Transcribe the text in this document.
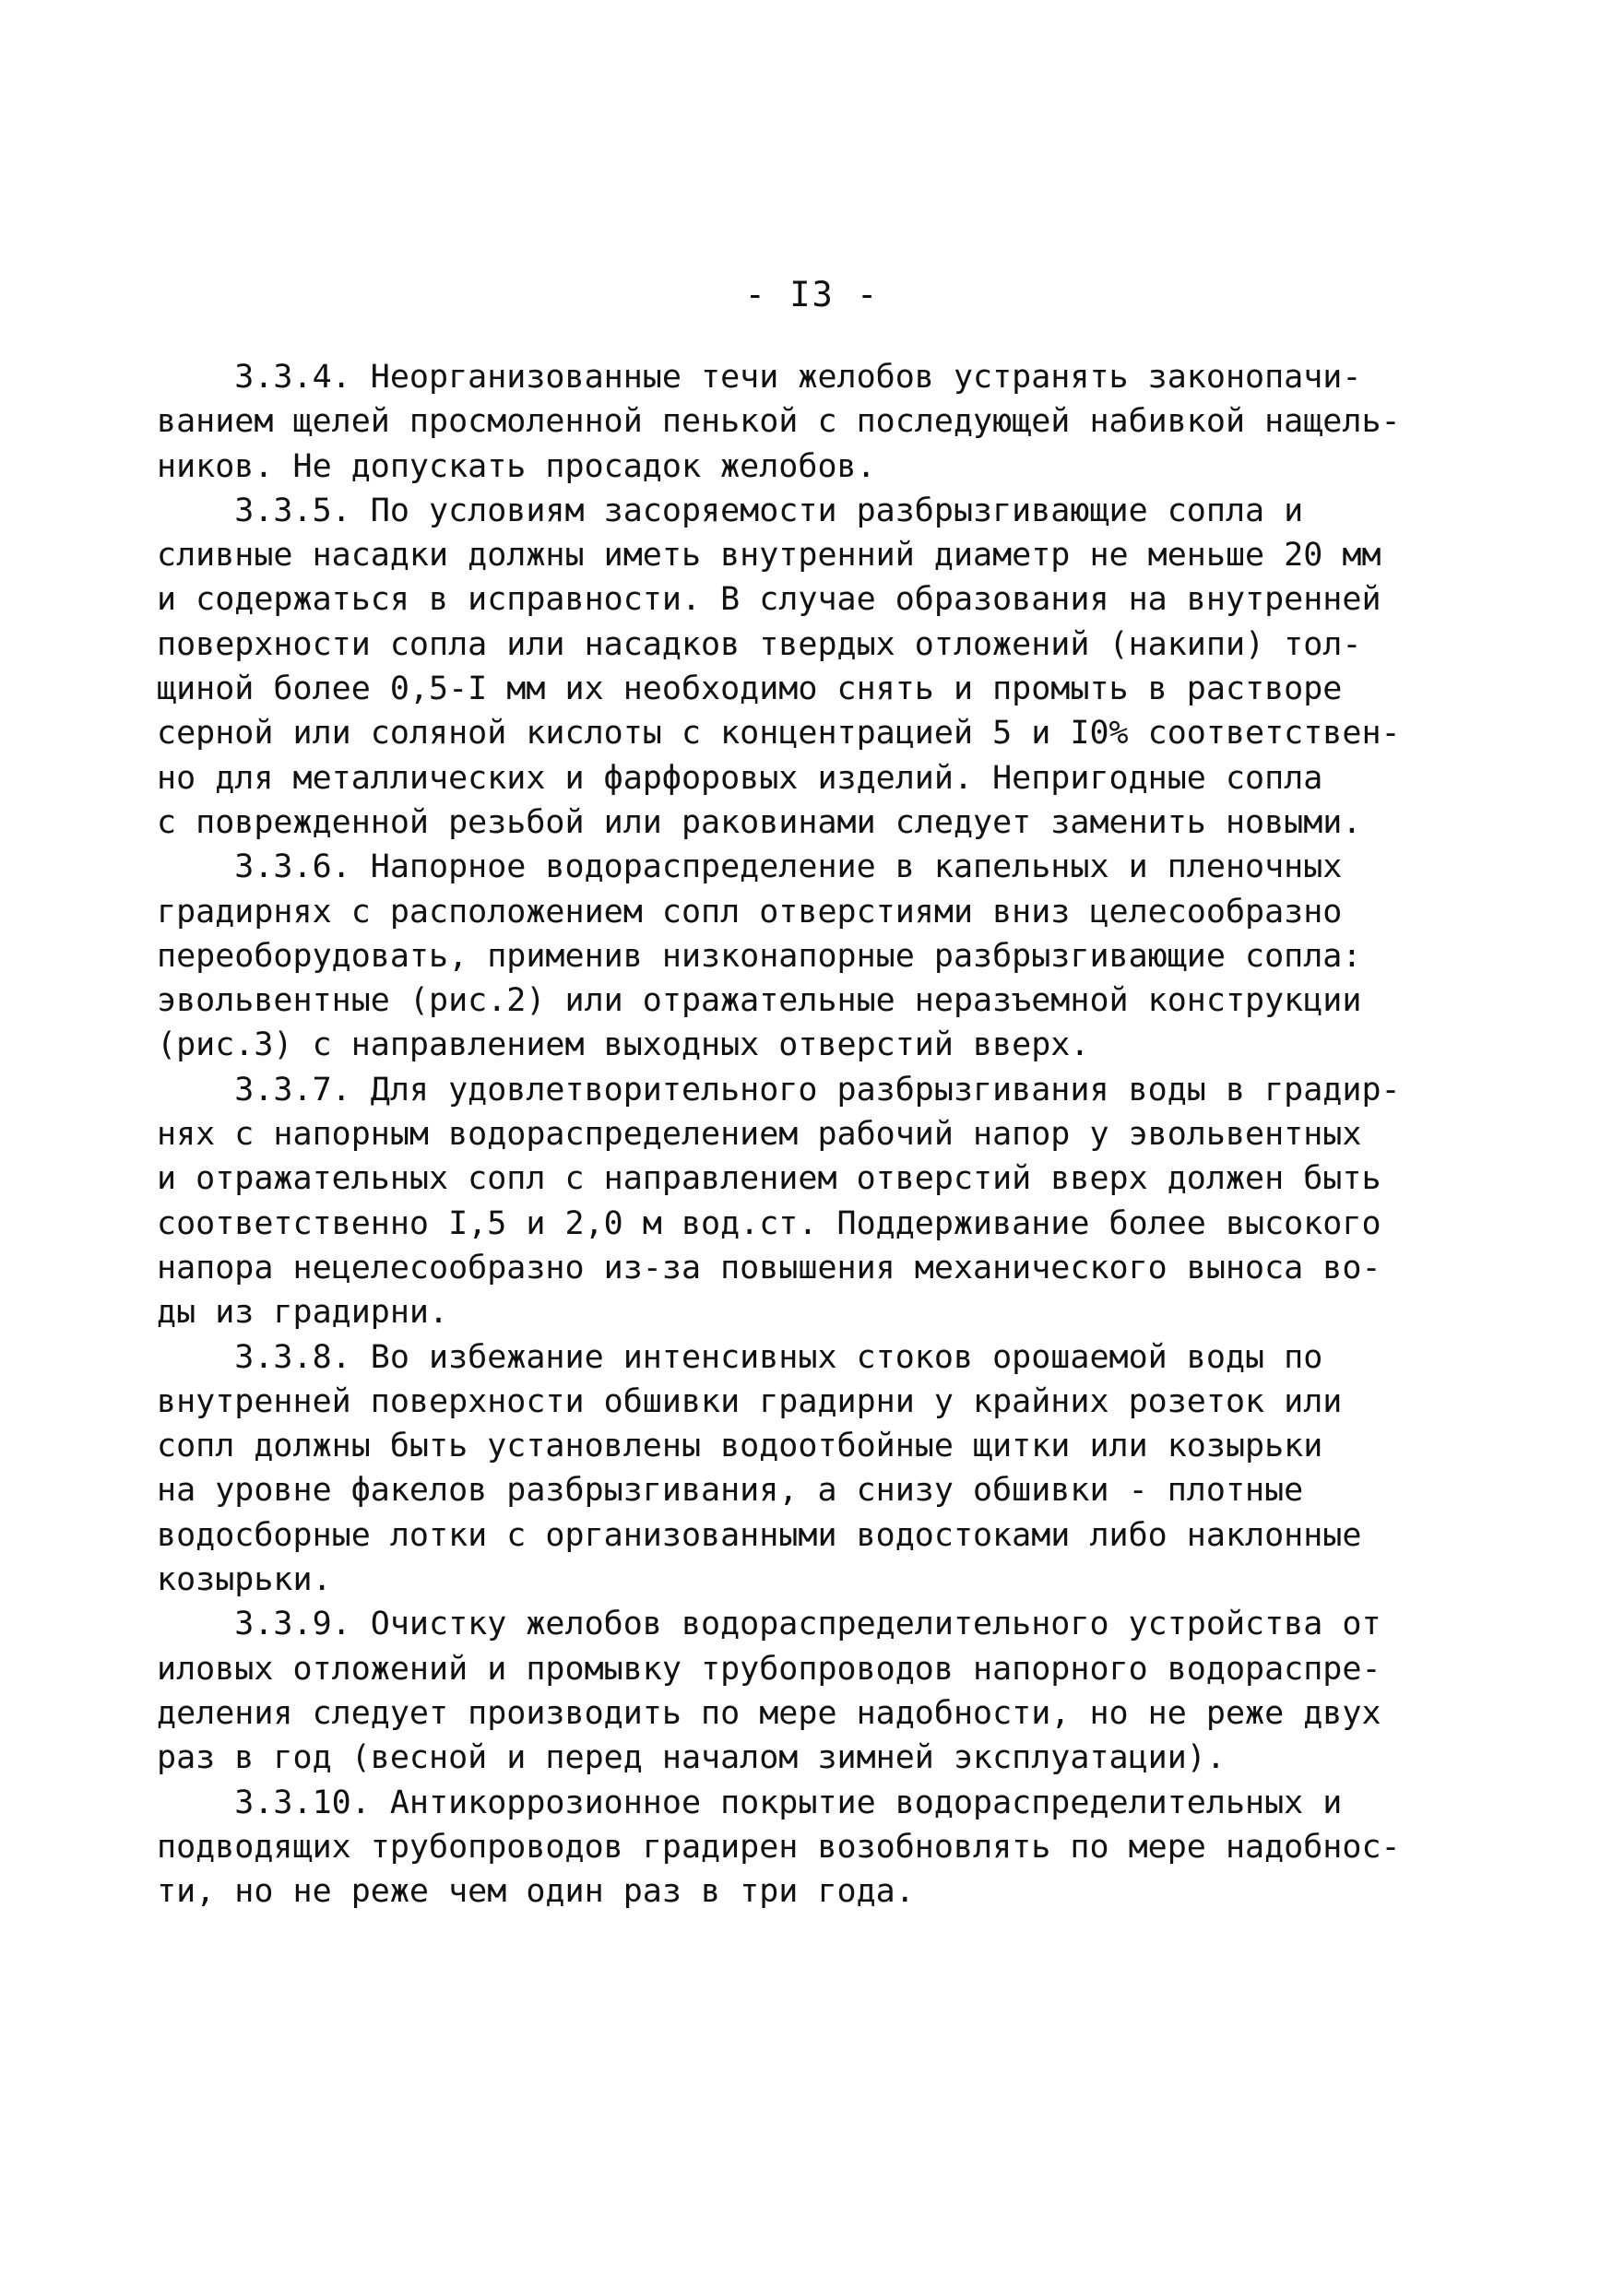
- I3 -
3.3.4. Неорганизованные течи желобов устранять законопачи-
ванием щелей просмоленной пенькой с последующей набивкой нащель-
ников. Не допускать просадок желобов.
3.3.5. По условиям засоряемости разбрызгивающие сопла и
сливные насадки должны иметь внутренний диаметр не меньше 20 мм
и содержаться в исправности. В случае образования на внутренней
поверхности сопла или насадков твердых отложений (накипи) тол-
щиной более 0,5-I мм их необходимо снять и промыть в растворе
серной или соляной кислоты с концентрацией 5 и I0% соответствен-
но для металлических и фарфоровых изделий. Непригодные сопла
с поврежденной резьбой или раковинами следует заменить новыми.
3.3.6. Напорное водораспределение в капельных и пленочных
градирнях с расположением сопл отверстиями вниз целесообразно
переоборудовать, применив низконапорные разбрызгивающие сопла:
эвольвентные (рис.2) или отражательные неразъемной конструкции
(рис.3) с направлением выходных отверстий вверх.
3.3.7. Для удовлетворительного разбрызгивания воды в градир-
нях с напорным водораспределением рабочий напор у эвольвентных
и отражательных сопл с направлением отверстий вверх должен быть
соответственно I,5 и 2,0 м вод.ст. Поддерживание более высокого
напора нецелесообразно из-за повышения механического выноса во-
ды из градирни.
3.3.8. Во избежание интенсивных стоков орошаемой воды по
внутренней поверхности обшивки градирни у крайних розеток или
сопл должны быть установлены водоотбойные щитки или козырьки
на уровне факелов разбрызгивания, а снизу обшивки - плотные
водосборные лотки с организованными водостоками либо наклонные
козырьки.
3.3.9. Очистку желобов водораспределительного устройства от
иловых отложений и промывку трубопроводов напорного водораспре-
деления следует производить по мере надобности, но не реже двух
раз в год (весной и перед началом зимней эксплуатации).
3.3.10. Антикоррозионное покрытие водораспределительных и
подводящих трубопроводов градирен возобновлять по мере надобнос-
ти, но не реже чем один раз в три года.
